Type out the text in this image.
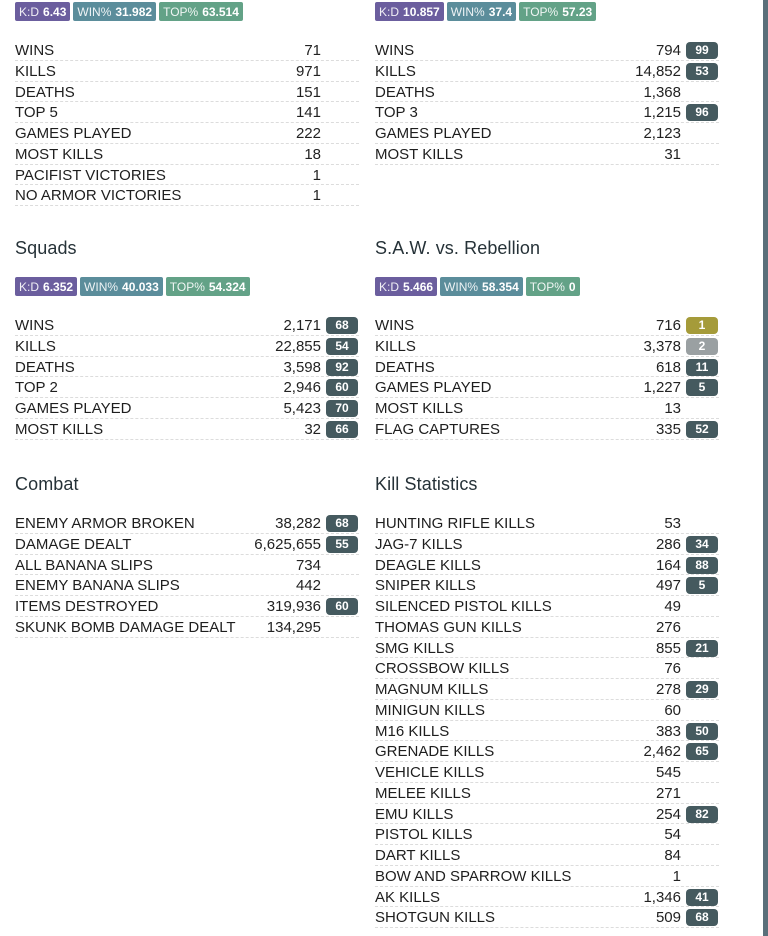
K:D 6.43 WIN% 31.982 TOP% 63.514
WINS	71
KILLS	971
DEATHS	151
TOP 5	141
GAMES PLAYED	222
MOST KILLS	18
PACIFIST VICTORIES	1
NO ARMOR VICTORIES	1
K:D 10.857 WIN% 37.4 TOP% 57.23
WINS	794	99
KILLS	14,852	53
DEATHS	1,368
TOP 3	1,215	96
GAMES PLAYED	2,123
MOST KILLS	31
Squads
K:D 6.352 WIN% 40.033 TOP% 54.324
WINS	2,171	68
KILLS	22,855	54
DEATHS	3,598	92
TOP 2	2,946	60
GAMES PLAYED	5,423	70
MOST KILLS	32	66
S.A.W. vs. Rebellion
K:D 5.466 WIN% 58.354 TOP% 0
WINS	716	1
KILLS	3,378	2
DEATHS	618	11
GAMES PLAYED	1,227	5
MOST KILLS	13
FLAG CAPTURES	335	52
Combat
ENEMY ARMOR BROKEN	38,282	68
DAMAGE DEALT	6,625,655	55
ALL BANANA SLIPS	734
ENEMY BANANA SLIPS	442
ITEMS DESTROYED	319,936	60
SKUNK BOMB DAMAGE DEALT 134,295
Kill Statistics
HUNTING RIFLE KILLS	53
JAG-7 KILLS	286	34
DEAGLE KILLS	164	88
SNIPER KILLS	497	5
SILENCED PISTOL KILLS	49
THOMAS GUN KILLS	276
SMG KILLS	855	21
CROSSBOW KILLS	76
MAGNUM KILLS	278	29
MINIGUN KILLS	60
M16 KILLS	383	50
GRENADE KILLS	2,462	65
VEHICLE KILLS	545
MELEE KILLS	271
EMU KILLS	254	82
PISTOL KILLS	54
DART KILLS	84
BOW AND SPARROW KILLS	1
AK KILLS	1,346	41
SHOTGUN KILLS	509	68
